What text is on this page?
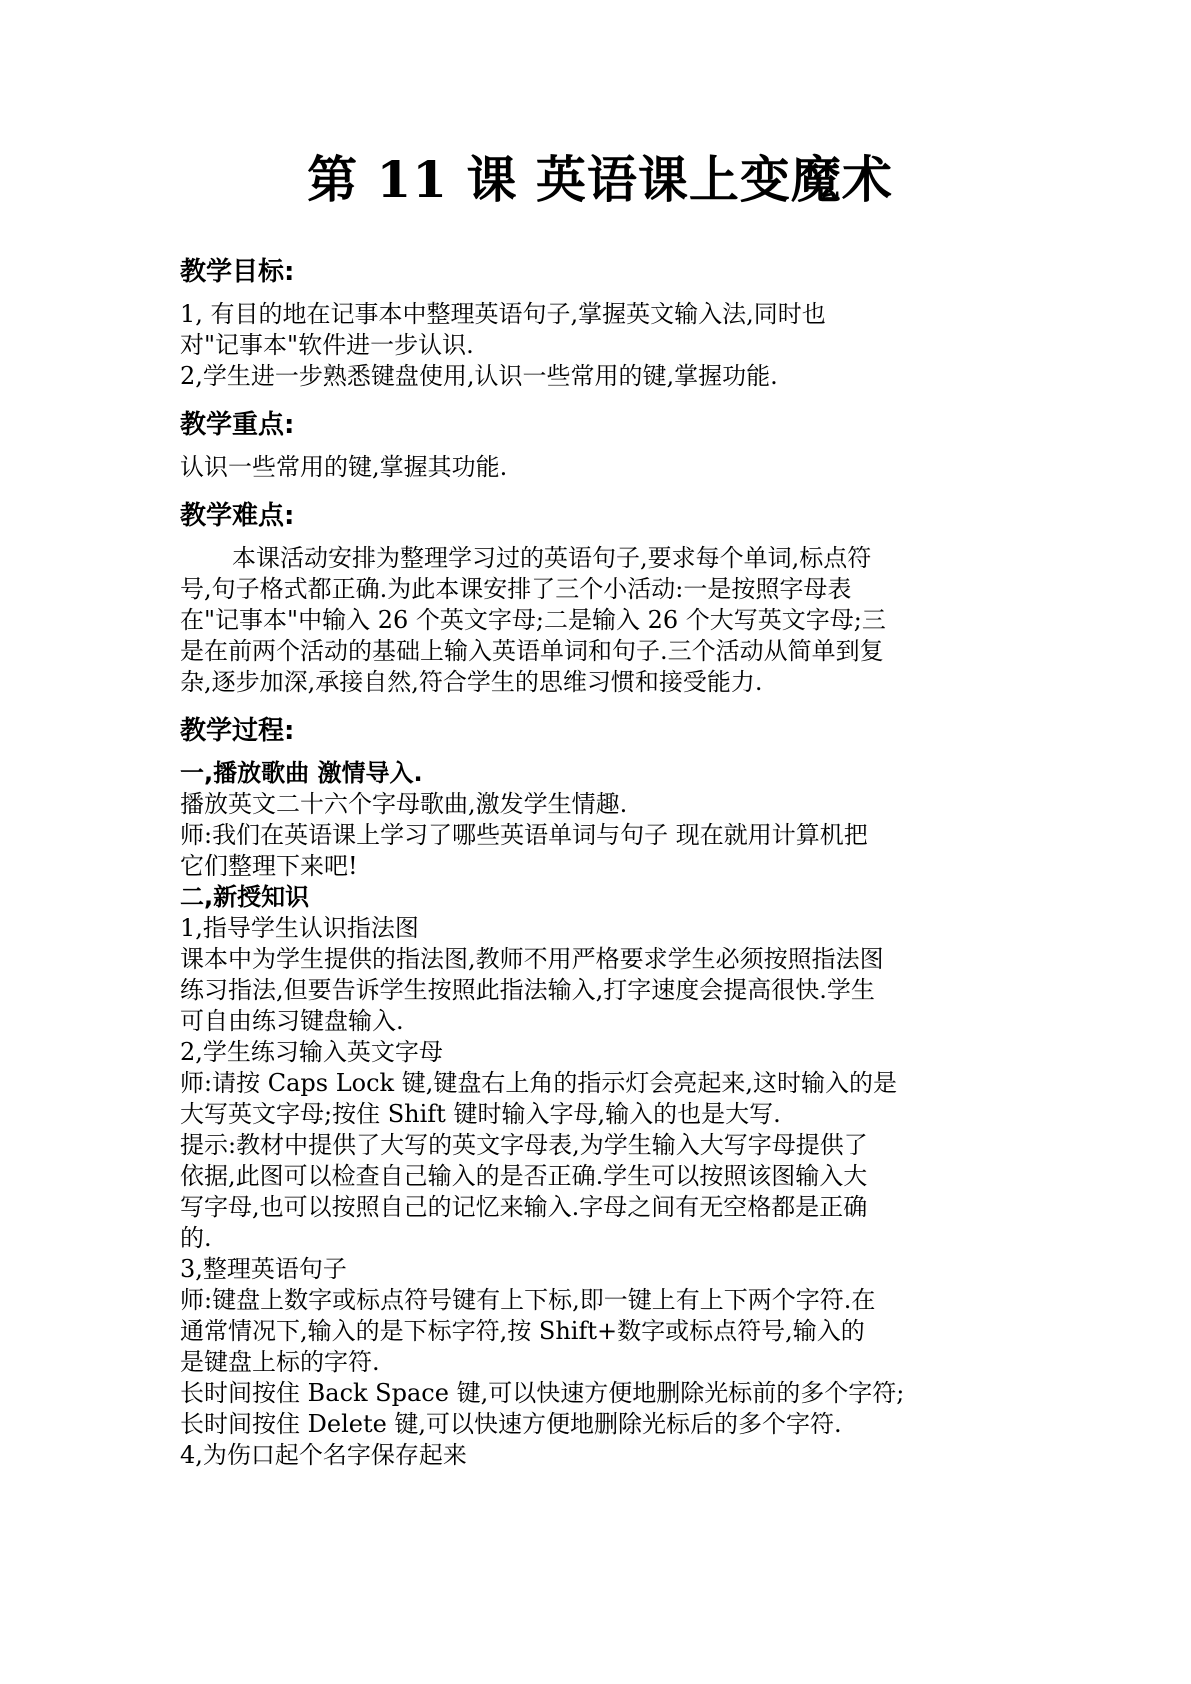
第 11 课 英语课上变魔术
教学目标:

1, 有目的地在记事本中整理英语句子,掌握英文输入法,同时也

对"记事本"软件进一步认识.

2,学生进一步熟悉键盘使用,认识一些常用的键,掌握功能.

教学重点:

认识一些常用的键,掌握其功能.

教学难点:

本课活动安排为整理学习过的英语句子,要求每个单词,标点符

号,句子格式都正确.为此本课安排了三个小活动:一是按照字母表

在"记事本"中输入 26 个英文字母;二是输入 26 个大写英文字母;三

是在前两个活动的基础上输入英语单词和句子.三个活动从简单到复

杂,逐步加深,承接自然,符合学生的思维习惯和接受能力.

教学过程:
一,播放歌曲 激情导入.

播放英文二十六个字母歌曲,激发学生情趣.

师:我们在英语课上学习了哪些英语单词与句子 现在就用计算机把

它们整理下来吧!

二,新授知识

1,指导学生认识指法图

课本中为学生提供的指法图,教师不用严格要求学生必须按照指法图

练习指法,但要告诉学生按照此指法输入,打字速度会提高很快.学生

可自由练习键盘输入.

2,学生练习输入英文字母

师:请按 Caps Lock 键,键盘右上角的指示灯会亮起来,这时输入的是

大写英文字母;按住 Shift 键时输入字母,输入的也是大写.

提示:教材中提供了大写的英文字母表,为学生输入大写字母提供了

依据,此图可以检查自己输入的是否正确.学生可以按照该图输入大

写字母,也可以按照自己的记忆来输入.字母之间有无空格都是正确

的.

3,整理英语句子

师:键盘上数字或标点符号键有上下标,即一键上有上下两个字符.在

通常情况下,输入的是下标字符,按 Shift+数字或标点符号,输入的

是键盘上标的字符.

长时间按住 Back Space 键,可以快速方便地删除光标前的多个字符;

长时间按住 Delete 键,可以快速方便地删除光标后的多个字符.

4,为伤口起个名字保存起来
